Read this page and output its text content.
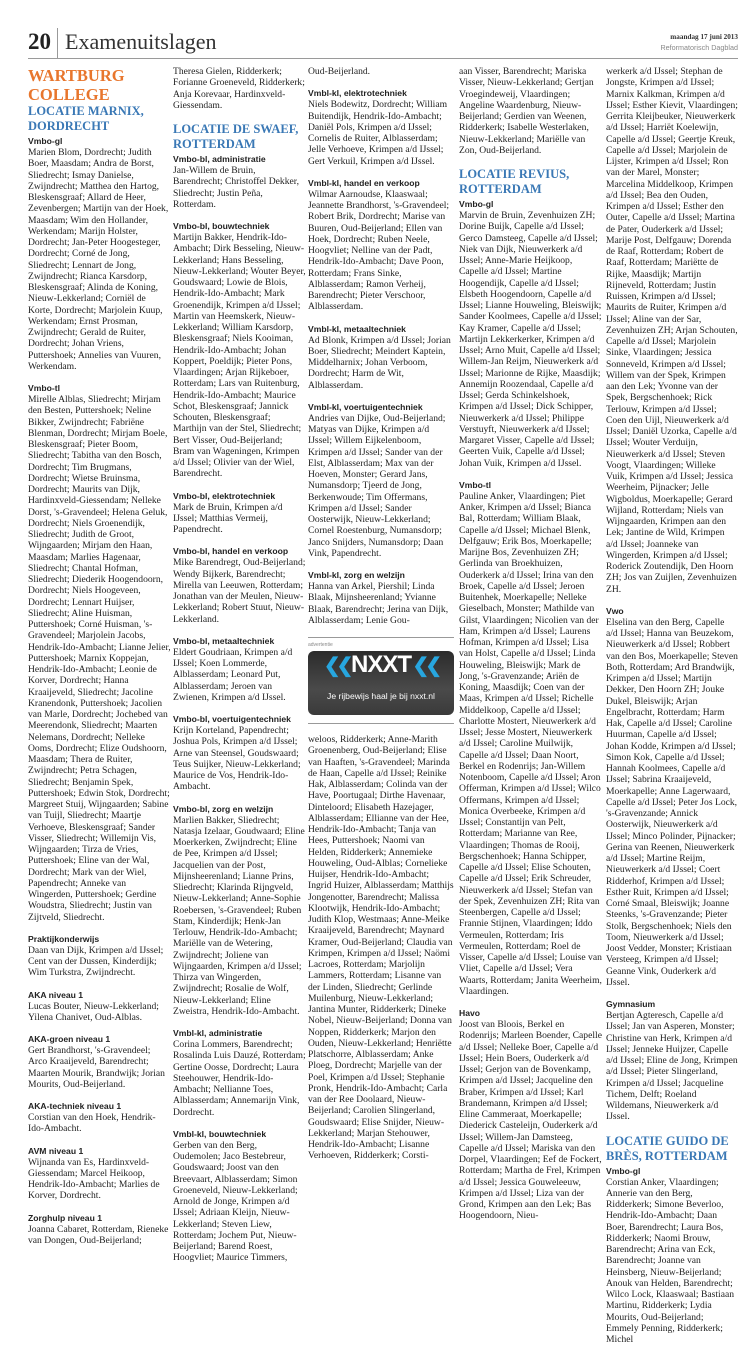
20 Examenuitslagen	maandag 17 juni 2013
Reformatorisch Dagblad
WARTBURG COLLEGE
LOCATIE MARNIX, DORDRECHT
Vmbo-gl

Marien Blom, Dordrecht; Judith Boer, Maasdam; Andra de Borst, Sliedrecht; Ismay Danielse, Zwijndrecht; Matthea den Hartog, Bleskensgraaf; Allard de Heer, Zevenbergen; Martijn van der Hoek, Maasdam; Wim den Hollander, Werkendam; Marijn Holster, Dordrecht; Jan-Peter Hoogesteger, Dordrecht; Corné de Jong, Sliedrecht; Lennart de Jong, Zwijndrecht; Rianca Karsdorp, Bleskensgraaf; Alinda de Koning, Nieuw-Lekkerland; Corniël de Korte, Dordrecht; Marjolein Kuup, Werkendam; Ernst Prosman, Zwijndrecht; Gerald de Ruiter, Dordrecht; Johan Vriens, Puttershoek; Annelies van Vuuren, Werkendam.

Vmbo-tl

Mirelle Alblas, Sliedrecht; Mirjam den Besten, Puttershoek; Neline Bikker, Zwijndrecht; Fabriëne Blenman, Dordrecht; Mirjam Boele, Bleskensgraaf; Pieter Boom, Sliedrecht; Tabitha van den Bosch, Dordrecht; Tim Brugmans, Dordrecht; Wietse Bruinsma, Dordrecht; Maurits van Dijk, Hardinxveld-Giessendam; Nelleke Dorst, 's-Gravendeel; Helena Geluk, Dordrecht; Niels Groenendijk, Sliedrecht; Judith de Groot, Wijngaarden; Mirjam den Haan, Maasdam; Marlies Hagenaar, Sliedrecht; Chantal Hofman, Sliedrecht; Diederik Hoogendoorn, Dordrecht; Niels Hoogeveen, Dordrecht; Lennart Huijser, Sliedrecht; Aline Huisman, Puttershoek; Corné Huisman, 's-Gravendeel; Marjolein Jacobs, Hendrik-Ido-Ambacht; Lianne Jelier, Puttershoek; Marnix Koppejan, Hendrik-Ido-Ambacht; Leonie de Korver, Dordrecht; Hanna Kraaijeveld, Sliedrecht; Jacoline Kranendonk, Puttershoek; Jacolien van Marle, Dordrecht; Jochebed van Meerendonk, Sliedrecht; Maarten Nelemans, Dordrecht; Nelleke Ooms, Dordrecht; Elize Oudshoorn, Maasdam; Thera de Ruiter, Zwijndrecht; Petra Schagen, Sliedrecht; Benjamin Spek, Puttershoek; Edwin Stok, Dordrecht; Margreet Stuij, Wijngaarden; Sabine van Tuijl, Sliedrecht; Maartje Verhoeve, Bleskensgraaf; Sander Visser, Sliedrecht; Willemijn Vis, Wijngaarden; Tirza de Vries, Puttershoek; Eline van der Wal, Dordrecht; Mark van der Wiel, Papendrecht; Anneke van Wingerden, Puttershoek; Gerdine Woudstra, Sliedrecht; Justin van Zijtveld, Sliedrecht.

Praktijkonderwijs

Daan van Dijk, Krimpen a/d IJssel; Cent van der Dussen, Kinderdijk; Wim Turkstra, Zwijndrecht.

AKA niveau 1

Lucas Bouter, Nieuw-Lekkerland; Yilena Chanivet, Oud-Alblas.

AKA-groen niveau 1

Gert Brandhorst, 's-Gravendeel; Arco Kraaijeveld, Barendrecht; Maarten Mourik, Brandwijk; Jorian Mourits, Oud-Beijerland.

AKA-techniek niveau 1

Corstian van den Hoek, Hendrik-Ido-Ambacht.

AVM niveau 1

Wijnanda van Es, Hardinxveld-Giessendam; Marcel Heikoop, Hendrik-Ido-Ambacht; Marlies de Korver, Dordrecht.

Zorghulp niveau 1

Joanna Cabaret, Rotterdam, Rieneke van Dongen, Oud-Beijerland;

Theresa Gielen, Ridderkerk; Forianne Groeneveld, Ridderkerk; Anja Korevaar, Hardinxveld-Giessendam.

LOCATIE DE SWAEF, ROTTERDAM
Vmbo-bl, administratie

Jan-Willem de Bruin, Barendrecht; Christoffel Dekker, Sliedrecht; Justin Peña, Rotterdam.

Vmbo-bl, bouwtechniek

Martijn Bakker, Hendrik-Ido-Ambacht; Dirk Besseling, Nieuw-Lekkerland; Hans Besseling, Nieuw-Lekkerland; Wouter Beyer, Goudswaard; Lowie de Blois, Hendrik-Ido-Ambacht; Mark Groenendijk, Krimpen a/d IJssel; Martin van Heemskerk, Nieuw-Lekkerland; William Karsdorp, Bleskensgraaf; Niels Kooiman, Hendrik-Ido-Ambacht; Johan Koppert, Poeldijk; Pieter Pons, Vlaardingen; Arjan Rijkeboer, Rotterdam; Lars van Ruitenburg, Hendrik-Ido-Ambacht; Maurice Schot, Bleskensgraaf; Jannick Schouten, Bleskensgraaf; Marthijn van der Stel, Sliedrecht; Bert Visser, Oud-Beijerland; Bram van Wageningen, Krimpen a/d IJssel; Olivier van der Wiel, Barendrecht.

Vmbo-bl, elektrotechniek

Mark de Bruin, Krimpen a/d IJssel; Matthias Vermeij, Papendrecht.

Vmbo-bl, handel en verkoop

Mike Barendregt, Oud-Beijerland; Wendy Bijkerk, Barendrecht; Mirella van Leeuwen, Rotterdam; Jonathan van der Meulen, Nieuw-Lekkerland; Robert Stuut, Nieuw-Lekkerland.

Vmbo-bl, metaaltechniek

Eldert Goudriaan, Krimpen a/d IJssel; Koen Lommerde, Alblasserdam; Leonard Put, Alblasserdam; Jeroen van Zwienen, Krimpen a/d IJssel.

Vmbo-bl, voertuigentechniek

Krijn Korteland, Papendrecht; Joshua Pols, Krimpen a/d IJssel; Arne van Steensel, Goudswaard; Teus Suijker, Nieuw-Lekkerland; Maurice de Vos, Hendrik-Ido-Ambacht.

Vmbo-bl, zorg en welzijn

Marlien Bakker, Sliedrecht; Natasja Izelaar, Goudwaard; Eline Moerkerken, Zwijndrecht; Eline de Pee, Krimpen a/d IJssel; Jacquelien van der Post, Mijnsheerenland; Lianne Prins, Sliedrecht; Klarinda Rijngveld, Nieuw-Lekkerland; Anne-Sophie Roebersen, 's-Gravendeel; Ruben Stam, Kinderdijk; Henk-Jan Terlouw, Hendrik-Ido-Ambacht; Mariëlle van de Wetering, Zwijndrecht; Joliene van Wijngaarden, Krimpen a/d IJssel; Thirza van Wingerden, Zwijndrecht; Rosalie de Wolf, Nieuw-Lekkerland; Eline Zweistra, Hendrik-Ido-Ambacht.

Vmbl-kl, administratie

Corina Lommers, Barendrecht; Rosalinda Luis Dauzé, Rotterdam; Gertine Oosse, Dordrecht; Laura Steehouwer, Hendrik-Ido-Ambacht; Nellianne Toes, Alblasserdam; Annemarijn Vink, Dordrecht.

Vmbl-kl, bouwtechniek

Gerben van den Berg, Oudemolen; Jaco Bestebreur, Goudswaard; Joost van den Breevaart, Alblasserdam; Simon Groeneveld, Nieuw-Lekkerland; Arnold de Jonge, Krimpen a/d IJssel; Adriaan Kleijn, Nieuw-Lekkerland; Steven Liew, Rotterdam; Jochem Put, Nieuw-Beijerland; Barend Roest, Hoogvliet; Maurice Timmers,

Oud-Beijerland.

Vmbl-kl, elektrotechniek

Niels Bodewitz, Dordrecht; William Buitendijk, Hendrik-Ido-Ambacht; Daniël Pols, Krimpen a/d IJssel; Cornelis de Ruiter, Alblasserdam; Jelle Verhoeve, Krimpen a/d IJssel; Gert Verkuil, Krimpen a/d IJssel.

Vmbl-kl, handel en verkoop

Wilmar Aarnoudse, Klaaswaal; Jeannette Brandhorst, 's-Gravendeel; Robert Brik, Dordrecht; Marise van Buuren, Oud-Beijerland; Ellen van Hoek, Dordrecht; Ruben Neele, Hoogvliet; Nelline van der Padt, Hendrik-Ido-Ambacht; Dave Poon, Rotterdam; Frans Sinke, Alblasserdam; Ramon Verheij, Barendrecht; Pieter Verschoor, Alblasserdam.

Vmbl-kl, metaaltechniek

Ad Blonk, Krimpen a/d IJssel; Jorian Boer, Sliedrecht; Meindert Kaptein, Middelharnix; Johan Verboom, Dordrecht; Harm de Wit, Alblasserdam.

Vmbl-kl, voertuigentechniek

Andries van Dijke, Oud-Beijerland; Matyas van Dijke, Krimpen a/d IJssel; Willem Eijkelenboom, Krimpen a/d IJssel; Sander van der Elst, Alblasserdam; Max van der Hoeven, Monster; Gerard Jans, Numansdorp; Tjeerd de Jong, Berkenwoude; Tim Offermans, Krimpen a/d IJssel; Sander Oosterwijk, Nieuw-Lekkerland; Cornel Roestenburg, Numansdorp; Janco Snijders, Numansdorp; Daan Vink, Papendrecht.

Vmbl-kl, zorg en welzijn

Hanna van Arkel, Piershil; Linda Blaak, Mijnsheerenland; Yvianne Blaak, Barendrecht; Jerina van Dijk, Alblasserdam; Lenie Gou-

advertentie
❮❮ NXXT ❮❮
Je rijbewijs haal je bij nxxt.nl

weloos, Ridderkerk; Anne-Marith Groenenberg, Oud-Beijerland; Elise van Haaften, 's-Gravendeel; Marinda de Haan, Capelle a/d IJssel; Reinike Hak, Alblasserdam; Colinda van der Have, Poortugaal; Dirthe Havenaar, Dinteloord; Elisabeth Hazejager, Alblasserdam; Ellianne van der Hee, Hendrik-Ido-Ambacht; Tanja van Hees, Puttershoek; Naomi van Helden, Ridderkerk; Annemieke Houweling, Oud-Alblas; Cornelieke Huijser, Hendrik-Ido-Ambacht; Ingrid Huizer, Alblasserdam; Matthijs Jongenotter, Barendrecht; Malissa Klootwijk, Hendrik-Ido-Ambacht; Judith Klop, Westmaas; Anne-Meike Kraaijeveld, Barendrecht; Maynard Kramer, Oud-Beijerland; Claudia van Krimpen, Krimpen a/d IJssel; Naömi Lacroes, Rotterdam; Marjolijn Lammers, Rotterdam; Lisanne van der Linden, Sliedrecht; Gerlinde Muilenburg, Nieuw-Lekkerland; Jantina Munter, Ridderkerk; Dineke Nobel, Nieuw-Beijerland; Donna van Noppen, Ridderkerk; Marjon den Ouden, Nieuw-Lekkerland; Henriëtte Platschorre, Alblasserdam; Anke Ploeg, Dordrecht; Marjelle van der Poel, Krimpen a/d IJssel; Stephanie Pronk, Hendrik-Ido-Ambacht; Carla van der Ree Doolaard, Nieuw-Beijerland; Carolien Slingerland, Goudswaard; Elise Snijder, Nieuw-Lekkerland; Marjan Stehouwer, Hendrik-Ido-Ambacht; Lisanne Verhoeven, Ridderkerk; Corsti-

aan Visser, Barendrecht; Mariska Visser, Nieuw-Lekkerland; Gertjan Vroegindeweij, Vlaardingen; Angeline Waardenburg, Nieuw-Beijerland; Gerdien van Weenen, Ridderkerk; Isabelle Westerlaken, Nieuw-Lekkerland; Mariëlle van Zon, Oud-Beijerland.

LOCATIE REVIUS, ROTTERDAM
Vmbo-gl

Marvin de Bruin, Zevenhuizen ZH; Dorine Buijk, Capelle a/d IJssel; Gerco Damsteeg, Capelle a/d IJssel; Niek van Dijk, Nieuwerkerk a/d IJssel; Anne-Marie Heijkoop, Capelle a/d IJssel; Martine Hoogendijk, Capelle a/d IJssel; Elsbeth Hoogendoorn, Capelle a/d IJssel; Lianne Houweling, Bleiswijk; Sander Koolmees, Capelle a/d IJssel; Kay Kramer, Capelle a/d IJssel; Martijn Lekkerkerker, Krimpen a/d IJssel; Arno Muit, Capelle a/d IJssel; Willem-Jan Reijm, Nieuwerkerk a/d IJssel; Marionne de Rijke, Maasdijk; Annemijn Roozendaal, Capelle a/d IJssel; Gerda Schinkelshoek, Krimpen a/d IJssel; Dick Schipper, Nieuwerkerk a/d IJssel; Philippe Verstuyft, Nieuwerkerk a/d IJssel; Margaret Visser, Capelle a/d IJssel; Geerten Vuik, Capelle a/d IJssel; Johan Vuik, Krimpen a/d IJssel.

Vmbo-tl

Pauline Anker, Vlaardingen; Piet Anker, Krimpen a/d IJssel; Bianca Bal, Rotterdam; William Blaak, Capelle a/d IJssel; Michael Blenk, Delfgauw; Erik Bos, Moerkapelle; Marijne Bos, Zevenhuizen ZH; Gerlinda van Broekhuizen, Ouderkerk a/d IJssel; Irina van den Broek, Capelle a/d IJssel; Jeroen Buitenhek, Moerkapelle; Nelleke Gieselbach, Monster; Mathilde van Gilst, Vlaardingen; Nicolien van der Ham, Krimpen a/d IJssel; Laurens Hofman, Krimpen a/d IJssel; Lisa van Holst, Capelle a/d IJssel; Linda Houweling, Bleiswijk; Mark de Jong, 's-Gravenzande; Ariën de Koning, Maasdijk; Coen van der Maas, Krimpen a/d IJssel; Richelle Middelkoop, Capelle a/d IJssel; Charlotte Mostert, Nieuwerkerk a/d IJssel; Jesse Mostert, Nieuwerkerk a/d IJssel; Caroline Muilwijk, Capelle a/d IJssel; Daan Noort, Berkel en Rodenrijs; Jan-Willem Notenboom, Capelle a/d IJssel; Aron Offerman, Krimpen a/d IJssel; Wilco Offermans, Krimpen a/d IJssel; Monica Overbeeke, Krimpen a/d IJssel; Constantijn van Pelt, Rotterdam; Marianne van Ree, Vlaardingen; Thomas de Rooij, Bergschenhoek; Hanna Schipper, Capelle a/d IJssel; Elise Schouten, Capelle a/d IJssel; Erik Schreuder, Nieuwerkerk a/d IJssel; Stefan van der Spek, Zevenhuizen ZH; Rita van Steenbergen, Capelle a/d IJssel; Frannie Stijnen, Vlaardingen; Iddo Vermeulen, Rotterdam; Iris Vermeulen, Rotterdam; Roel de Visser, Capelle a/d IJssel; Louise van Vliet, Capelle a/d IJssel; Vera Waarts, Rotterdam; Janita Weerheim, Vlaardingen.

Havo

Joost van Bloois, Berkel en Rodenrijs; Marleen Boender, Capelle a/d IJssel; Nelleke Boer, Capelle a/d IJssel; Hein Boers, Ouderkerk a/d IJssel; Gerjon van de Bovenkamp, Krimpen a/d IJssel; Jacqueline den Braber, Krimpen a/d IJssel; Karl Brandemann, Krimpen a/d IJssel; Eline Cammeraat, Moerkapelle; Diederick Casteleijn, Ouderkerk a/d IJssel; Willem-Jan Damsteeg, Capelle a/d IJssel; Mariska van den Dorpel, Vlaardingen; Eef de Fockert, Rotterdam; Martha de Frel, Krimpen a/d IJssel; Jessica Gouweleeuw, Krimpen a/d IJssel; Liza van der Grond, Krimpen aan den Lek; Bas Hoogendoorn, Nieu-

werkerk a/d IJssel; Stephan de Jongste, Krimpen a/d IJssel; Marnix Kalkman, Krimpen a/d IJssel; Esther Kievit, Vlaardingen; Gerrita Kleijbeuker, Nieuwerkerk a/d IJssel; Harriët Koelewijn, Capelle a/d IJssel; Geertje Kreuk, Capelle a/d IJssel; Marjolein de Lijster, Krimpen a/d IJssel; Ron van der Marel, Monster; Marcelina Middelkoop, Krimpen a/d IJssel; Bea den Ouden, Krimpen a/d IJssel; Esther den Outer, Capelle a/d IJssel; Martina de Pater, Ouderkerk a/d IJssel; Marije Post, Delfgauw; Dorenda de Raaf, Rotterdam; Robert de Raaf, Rotterdam; Mariëtte de Rijke, Maasdijk; Martijn Rijneveld, Rotterdam; Justin Ruissen, Krimpen a/d IJssel; Maurits de Ruiter, Krimpen a/d IJssel; Aline van der Sar, Zevenhuizen ZH; Arjan Schouten, Capelle a/d IJssel; Marjolein Sinke, Vlaardingen; Jessica Sonneveld, Krimpen a/d IJssel; Willem van der Spek, Krimpen aan den Lek; Yvonne van der Spek, Bergschenhoek; Rick Terlouw, Krimpen a/d IJssel; Coen den Uijl, Nieuwerkerk a/d IJssel; Daniël Uzorka, Capelle a/d IJssel; Wouter Verduijn, Nieuwerkerk a/d IJssel; Steven Voogt, Vlaardingen; Willeke Vuik, Krimpen a/d IJssel; Jessica Weerheim, Pijnacker; Jelle Wigboldus, Moerkapelle; Gerard Wijland, Rotterdam; Niels van Wijngaarden, Krimpen aan den Lek; Jantine de Wild, Krimpen a/d IJssel; Joanneke van Wingerden, Krimpen a/d IJssel; Roderick Zoutendijk, Den Hoorn ZH; Jos van Zuijlen, Zevenhuizen ZH.

Vwo

Elselina van den Berg, Capelle a/d IJssel; Hanna van Beuzekom, Nieuwerkerk a/d IJssel; Robbert van den Bos, Moerkapelle; Steven Both, Rotterdam; Ard Brandwijk, Krimpen a/d IJssel; Martijn Dekker, Den Hoorn ZH; Jouke Dukel, Bleiswijk; Arjan Engelbracht, Rotterdam; Harm Hak, Capelle a/d IJssel; Caroline Huurman, Capelle a/d IJssel; Johan Kodde, Krimpen a/d IJssel; Simon Kok, Capelle a/d IJssel; Hannah Koolmees, Capelle a/d IJssel; Sabrina Kraaijeveld, Moerkapelle; Anne Lagerwaard, Capelle a/d IJssel; Peter Jos Lock, 's-Gravenzande; Annick Oosterwijk, Nieuwerkerk a/d IJssel; Minco Polinder, Pijnacker; Gerina van Reenen, Nieuwerkerk a/d IJssel; Martine Reijm, Nieuwerkerk a/d IJssel; Coert Ridderhof, Krimpen a/d IJssel; Esther Ruit, Krimpen a/d IJssel; Corné Smaal, Bleiswijk; Joanne Steenks, 's-Gravenzande; Pieter Stolk, Bergschenhoek; Niels den Toom, Nieuwerkerk a/d IJssel; Joost Vedder, Monster; Kristiaan Versteeg, Krimpen a/d IJssel; Geanne Vink, Ouderkerk a/d IJssel.

Gymnasium

Bertjan Agteresch, Capelle a/d IJssel; Jan van Asperen, Monster; Christine van Herk, Krimpen a/d IJssel; Jenneke Huijzer, Capelle a/d IJssel; Eline de Jong, Krimpen a/d IJssel; Pieter Slingerland, Krimpen a/d IJssel; Jacqueline Tichem, Delft; Roeland Wildemans, Nieuwerkerk a/d IJssel.

LOCATIE GUIDO DE BRÈS, ROTTERDAM
Vmbo-gl

Corstian Anker, Vlaardingen; Annerie van den Berg, Ridderkerk; Simone Beverloo, Hendrik-Ido-Ambacht; Daan Boer, Barendrecht; Laura Bos, Ridderkerk; Naomi Brouw, Barendrecht; Arina van Eck, Barendrecht; Joanne van Heinsberg, Nieuw-Beijerland; Anouk van Helden, Barendrecht; Wilco Lock, Klaaswaal; Bastiaan Martinu, Ridderkerk; Lydia Mourits, Oud-Beijerland; Emmely Penning, Ridderkerk; Michel
